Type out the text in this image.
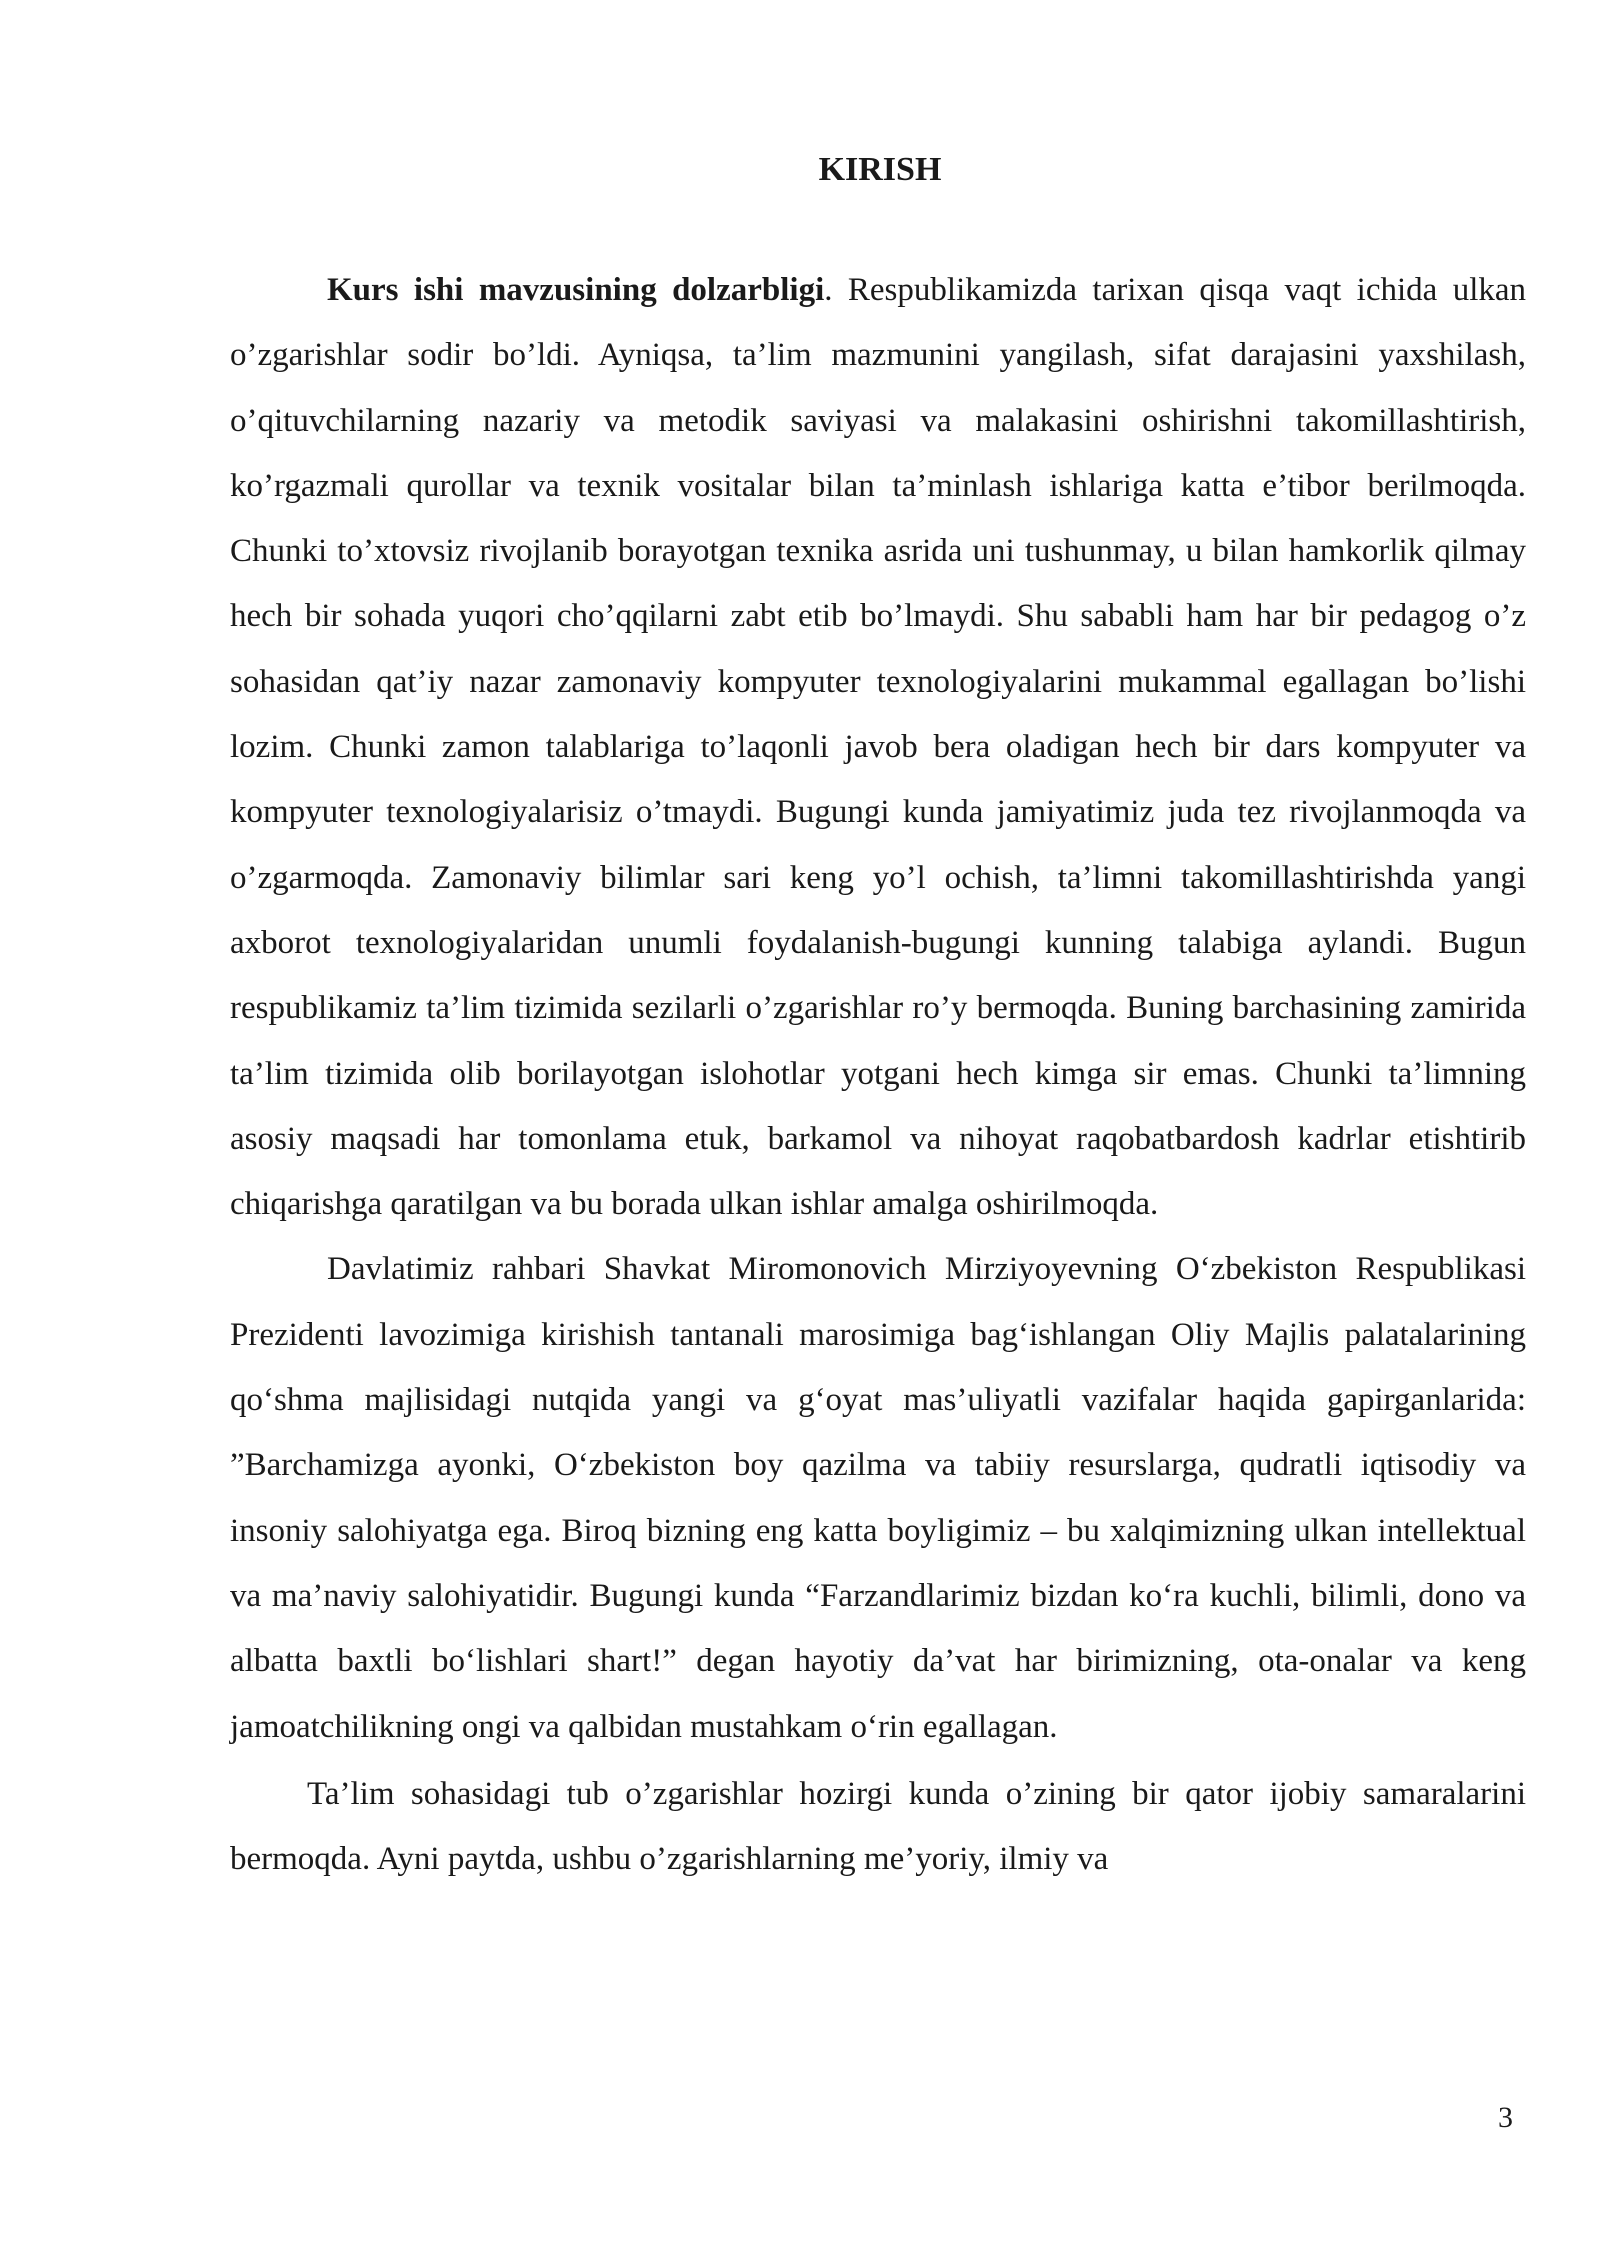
KIRISH

Kurs ishi mavzusining dolzarbligi. Respublikamizda tarixan qisqa vaqt ichida ulkan o’zgarishlar sodir bo’ldi. Ayniqsa, ta’lim mazmunini yangilash, sifat darajasini yaxshilash, o’qituvchilarning nazariy va metodik saviyasi va malakasini oshirishni takomillashtirish, ko’rgazmali qurollar va texnik vositalar bilan ta’minlash ishlariga katta e’tibor berilmoqda. Chunki to’xtovsiz rivojlanib borayotgan texnika asrida uni tushunmay, u bilan hamkorlik qilmay hech bir sohada yuqori cho’qqilarni zabt etib bo’lmaydi. Shu sababli ham har bir pedagog o’z sohasidan qat’iy nazar zamonaviy kompyuter texnologiyalarini mukammal egallagan bo’lishi lozim. Chunki zamon talablariga to’laqonli javob bera oladigan hech bir dars kompyuter va kompyuter texnologiyalarisiz o’tmaydi. Bugungi kunda jamiyatimiz juda tez rivojlanmoqda va o’zgarmoqda. Zamonaviy bilimlar sari keng yo’l ochish, ta’limni takomillashtirishda yangi axborot texnologiyalaridan unumli foydalanish-bugungi kunning talabiga aylandi. Bugun respublikamiz ta’lim tizimida sezilarli o’zgarishlar ro’y bermoqda. Buning barchasining zamirida ta’lim tizimida olib borilayotgan islohotlar yotgani hech kimga sir emas. Chunki ta’limning asosiy maqsadi har tomonlama etuk, barkamol va nihoyat raqobatbardosh kadrlar etishtirib chiqarishga qaratilgan va bu borada ulkan ishlar amalga oshirilmoqda.

Davlatimiz rahbari Shavkat Miromonovich Mirziyoyevning O‘zbekiston Respublikasi Prezidenti lavozimiga kirishish tantanali marosimiga bag‘ishlangan Oliy Majlis palatalarining qo‘shma majlisidagi nutqida yangi va g‘oyat mas’uliyatli vazifalar haqida gapirganlarida: ”Barchamizga ayonki, O‘zbekiston boy qazilma va tabiiy resurslarga, qudratli iqtisodiy va insoniy salohiyatga ega. Biroq bizning eng katta boyligimiz – bu xalqimizning ulkan intellektual va ma’naviy salohiyatidir. Bugungi kunda “Farzandlarimiz bizdan ko‘ra kuchli, bilimli, dono va albatta baxtli bo‘lishlari shart!” degan hayotiy da’vat har birimizning, ota-onalar va keng jamoatchilikning ongi va qalbidan mustahkam o‘rin egallagan.

Ta’lim sohasidagi tub o’zgarishlar hozirgi kunda o’zining bir qator ijobiy samaralarini bermoqda. Ayni paytda, ushbu o’zgarishlarning me’yoriy, ilmiy va

3
